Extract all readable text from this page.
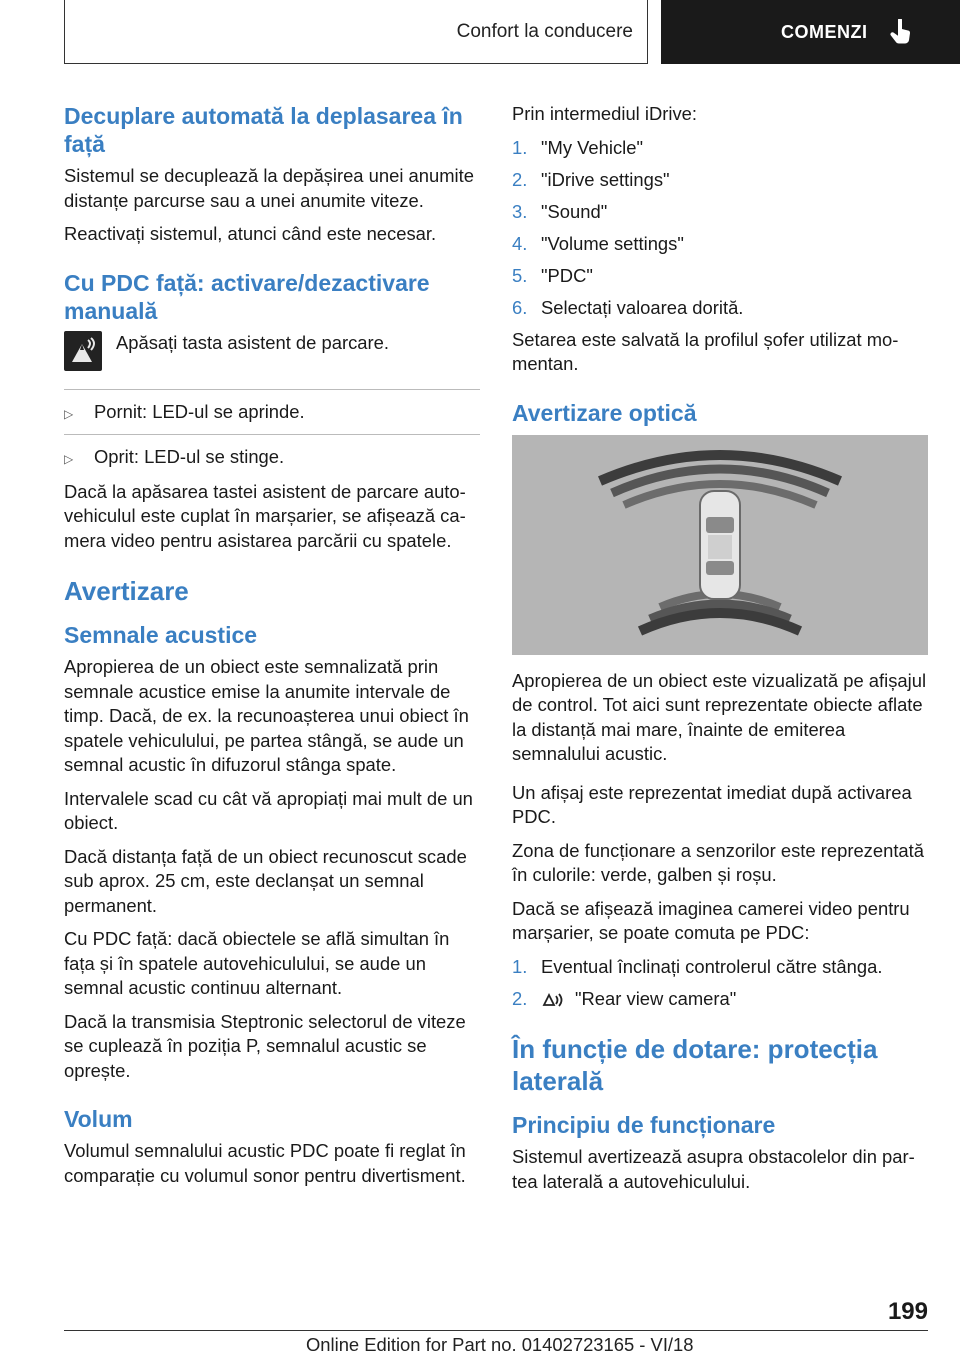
Confort la conducere	COMENZI
Decuplare automată la deplasarea în față
Sistemul se decuplează la depășirea unei anumite distanțe parcurse sau a unei anumite viteze.
Reactivați sistemul, atunci când este necesar.
Cu PDC față: activare/dezactivare manuală
Apăsați tasta asistent de parcare.
▷	Pornit: LED-ul se aprinde.
▷	Oprit: LED-ul se stinge.
Dacă la apăsarea tastei asistent de parcare autovehiculul este cuplat în marșarier, se afișează camera video pentru asistarea parcării cu spatele.
Avertizare
Semnale acustice
Apropierea de un obiect este semnalizată prin semnale acustice emise la anumite intervale de timp. Dacă, de ex. la recunoașterea unui obiect în spatele vehiculului, pe partea stângă, se aude un semnal acustic în difuzorul stânga spate.
Intervalele scad cu cât vă apropiați mai mult de un obiect.
Dacă distanța față de un obiect recunoscut scade sub aprox. 25 cm, este declanșat un semnal permanent.
Cu PDC față: dacă obiectele se află simultan în fața și în spatele autovehiculului, se aude un semnal acustic continuu alternant.
Dacă la transmisia Steptronic selectorul de viteze se cuplează în poziția P, semnalul acustic se oprește.
Volum
Volumul semnalului acustic PDC poate fi reglat în comparație cu volumul sonor pentru divertisment.
Prin intermediul iDrive:
1. "My Vehicle"
2. "iDrive settings"
3. "Sound"
4. "Volume settings"
5. "PDC"
6. Selectați valoarea dorită.
Setarea este salvată la profilul șofer utilizat momentan.
Avertizare optică
Apropierea de un obiect este vizualizată pe afișajul de control. Tot aici sunt reprezentate obiecte aflate la distanță mai mare, înainte de emiterea semnalului acustic.
Un afișaj este reprezentat imediat după activarea PDC.
Zona de funcționare a senzorilor este reprezentată în culorile: verde, galben și roșu.
Dacă se afișează imaginea camerei video pentru marșarier, se poate comuta pe PDC:
1. Eventual înclinați controlerul către stânga.
2.	"Rear view camera"
În funcție de dotare: protecția laterală
Principiu de funcționare
Sistemul avertizează asupra obstacolelor din partea laterală a autovehiculului.
199
Online Edition for Part no. 01402723165 - VI/18
